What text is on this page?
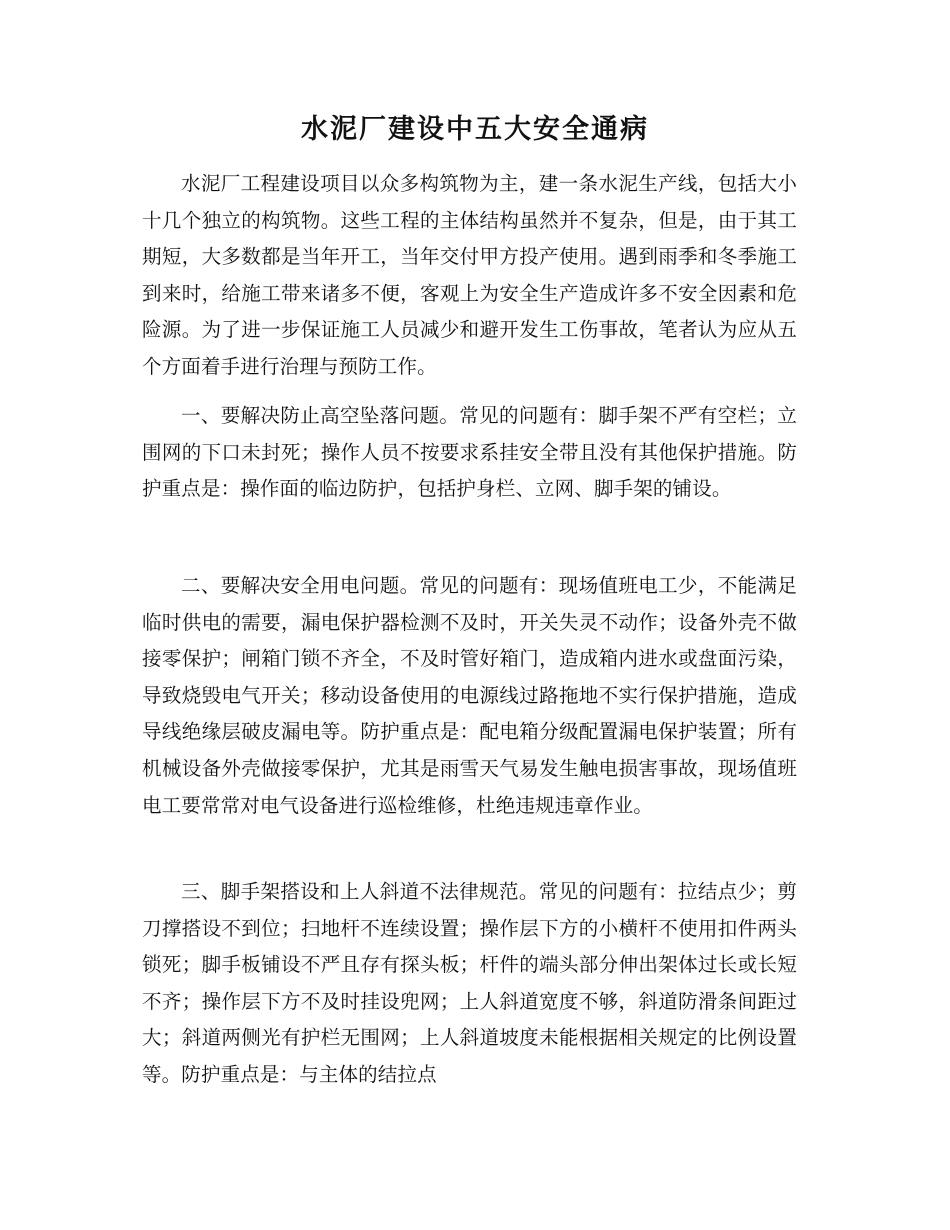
水泥厂建设中五大安全通病

水泥厂工程建设项目以众多构筑物为主，建一条水泥生产线，包括大小十几个独立的构筑物。这些工程的主体结构虽然并不复杂，但是，由于其工期短，大多数都是当年开工，当年交付甲方投产使用。遇到雨季和冬季施工到来时，给施工带来诸多不便，客观上为安全生产造成许多不安全因素和危险源。为了进一步保证施工人员减少和避开发生工伤事故，笔者认为应从五个方面着手进行治理与预防工作。

一、要解决防止高空坠落问题。常见的问题有：脚手架不严有空栏；立围网的下口未封死；操作人员不按要求系挂安全带且没有其他保护措施。防护重点是：操作面的临边防护，包括护身栏、立网、脚手架的铺设。

二、要解决安全用电问题。常见的问题有：现场值班电工少，不能满足临时供电的需要，漏电保护器检测不及时，开关失灵不动作；设备外壳不做接零保护；闸箱门锁不齐全，不及时管好箱门，造成箱内进水或盘面污染，导致烧毁电气开关；移动设备使用的电源线过路拖地不实行保护措施，造成导线绝缘层破皮漏电等。防护重点是：配电箱分级配置漏电保护装置；所有机械设备外壳做接零保护，尤其是雨雪天气易发生触电损害事故，现场值班电工要常常对电气设备进行巡检维修，杜绝违规违章作业。

三、脚手架搭设和上人斜道不法律规范。常见的问题有：拉结点少；剪刀撑搭设不到位；扫地杆不连续设置；操作层下方的小横杆不使用扣件两头锁死；脚手板铺设不严且存有探头板；杆件的端头部分伸出架体过长或长短不齐；操作层下方不及时挂设兜网；上人斜道宽度不够，斜道防滑条间距过大；斜道两侧光有护栏无围网；上人斜道坡度未能根据相关规定的比例设置等。防护重点是：与主体的结拉点
